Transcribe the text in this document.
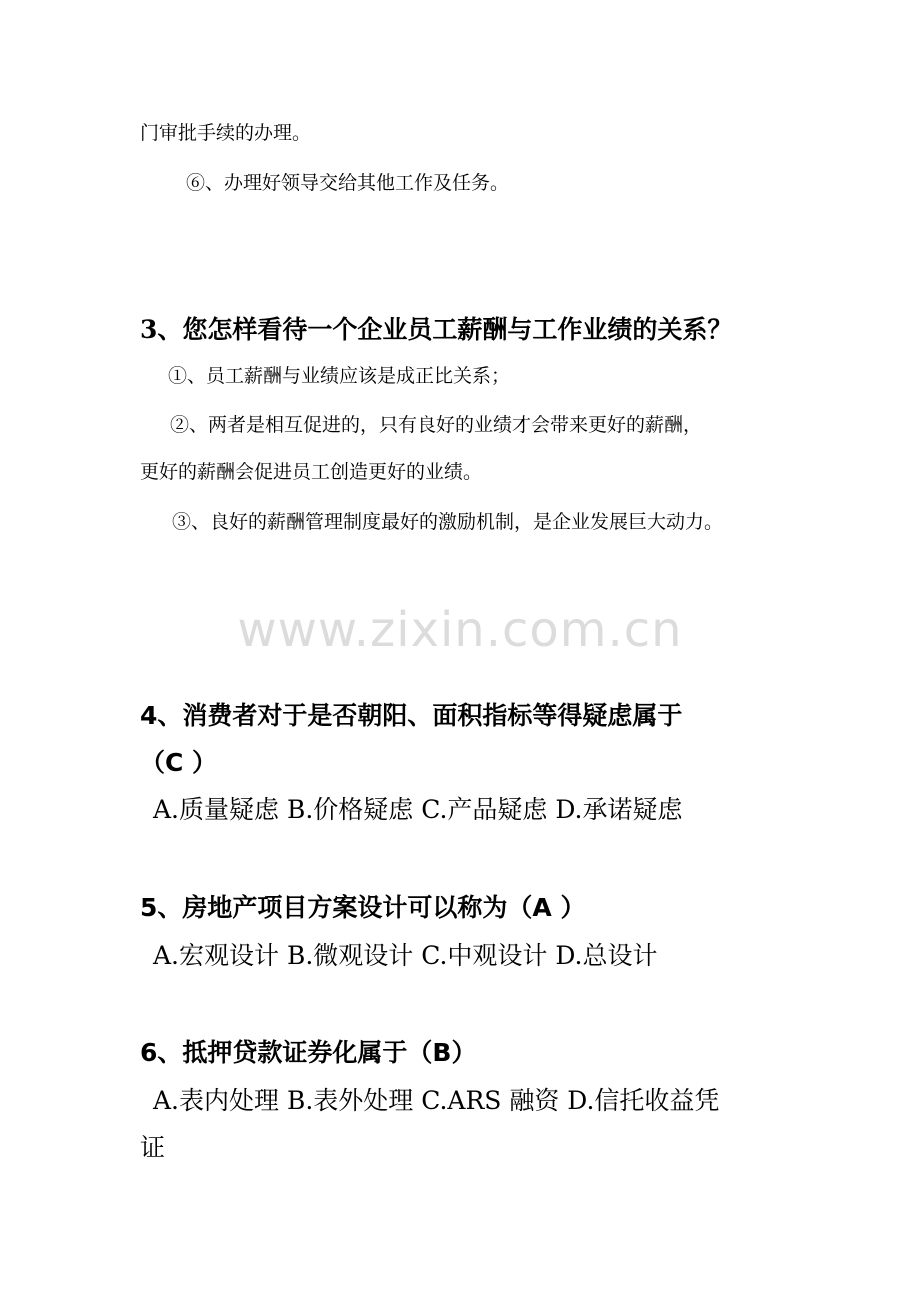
门审批手续的办理。
⑥、办理好领导交给其他工作及任务。
3、您怎样看待一个企业员工薪酬与工作业绩的关系？
①、员工薪酬与业绩应该是成正比关系；
②、两者是相互促进的，只有良好的业绩才会带来更好的薪酬，
更好的薪酬会促进员工创造更好的业绩。
③、良好的薪酬管理制度最好的激励机制，是企业发展巨大动力。
www.zixin.com.cn
4、消费者对于是否朝阳、面积指标等得疑虑属于
（C ）
A.质量疑虑 B.价格疑虑 C.产品疑虑 D.承诺疑虑
5、房地产项目方案设计可以称为（A ）
A.宏观设计 B.微观设计 C.中观设计 D.总设计
6、抵押贷款证券化属于（B）
A.表内处理 B.表外处理 C.ARS 融资 D.信托收益凭
证
